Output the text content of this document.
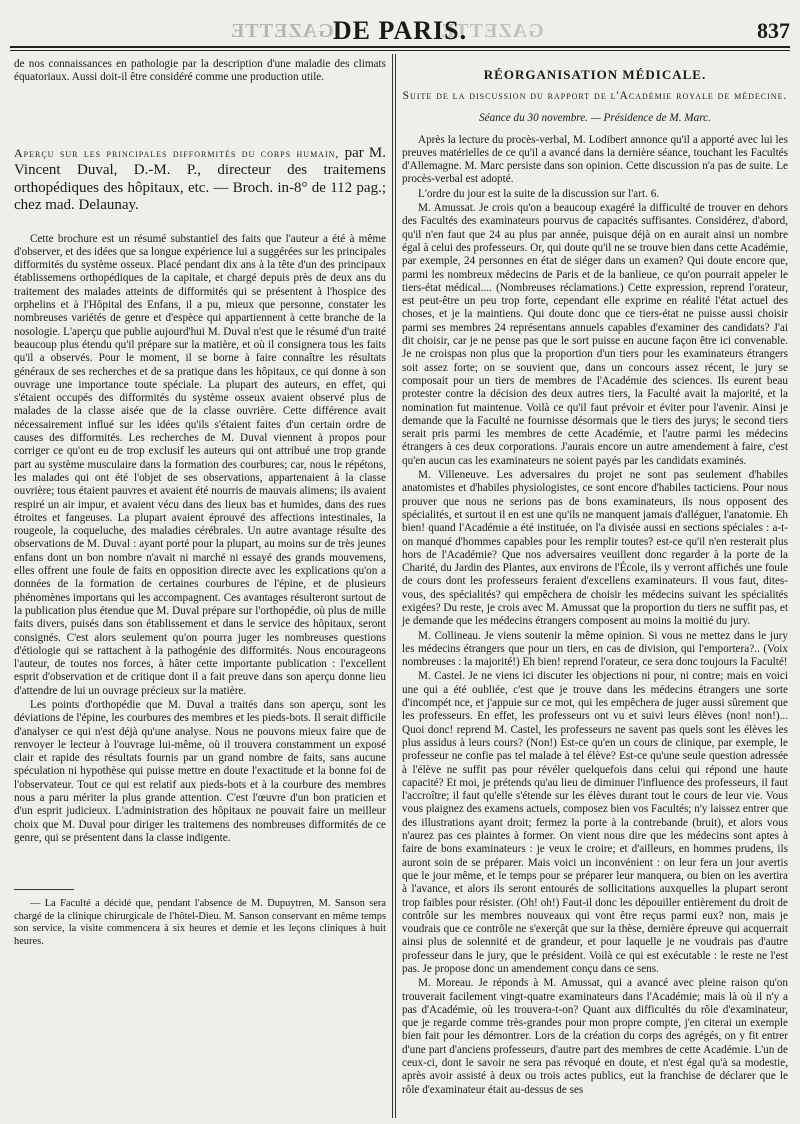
GAZETTE	GAZETTE
DE PARIS.	837

de nos connaissances en pathologie par la description d'une maladie des climats équatoriaux. Aussi doit-il être considéré comme une production utile.

Aperçu sur les principales difformités du corps humain, par M. Vincent Duval, D.-M. P., directeur des traitemens orthopédiques des hôpitaux, etc. — Broch. in-8° de 112 pag.; chez mad. Delaunay.

Cette brochure est un résumé substantiel des faits que l'auteur a été à même d'observer, et des idées que sa longue expérience lui a suggérées sur les principales difformités du système osseux. Placé pendant dix ans à la tête d'un des principaux établissemens orthopédiques de la capitale, et chargé depuis près de deux ans du traitement des malades atteints de difformités qui se présentent à l'hospice des orphelins et à l'Hôpital des Enfans, il a pu, mieux que personne, constater les nombreuses variétés de genre et d'espèce qui appartiennent à cette branche de la nosologie. L'aperçu que publie aujourd'hui M. Duval n'est que le résumé d'un traité beaucoup plus étendu qu'il prépare sur la matière, et où il consignera tous les faits qu'il a observés. Pour le moment, il se borne à faire connaître les résultats généraux de ses recherches et de sa pratique dans les hôpitaux, ce qui donne à son ouvrage une importance toute spéciale. La plupart des auteurs, en effet, qui s'étaient occupés des difformités du système osseux avaient observé plus de malades de la classe aisée que de la classe ouvrière. Cette différence avait nécessairement influé sur les idées qu'ils s'étaient faites d'un certain ordre de causes des difformités. Les recherches de M. Duval viennent à propos pour corriger ce qu'ont eu de trop exclusif les auteurs qui ont attribué une trop grande part au système musculaire dans la formation des courbures; car, nous le répétons, les malades qui ont été l'objet de ses observations, appartenaient à la classe ouvrière; tous étaient pauvres et avaient été nourris de mauvais alimens; ils avaient respiré un air impur, et avaient vécu dans des lieux bas et humides, dans des rues étroites et fangeuses. La plupart avaient éprouvé des affections intestinales, la rougeole, la coqueluche, des maladies cérébrales. Un autre avantage résulte des observations de M. Duval : ayant porté pour la plupart, au moins sur de très jeunes enfans dont un bon nombre n'avait ni marché ni essayé des grands mouvemens, elles offrent une foule de faits en opposition directe avec les explications qu'on a données de la formation de certaines courbures de l'épine, et de plusieurs phénomènes importans qui les accompagnent. Ces avantages résulteront surtout de la publication plus étendue que M. Duval prépare sur l'orthopédie, où plus de mille faits divers, puisés dans son établissement et dans le service des hôpitaux, seront consignés. C'est alors seulement qu'on pourra juger les nombreuses questions d'étiologie qui se rattachent à la pathogénie des difformités. Nous encourageons l'auteur, de toutes nos forces, à hâter cette importante publication : l'excellent esprit d'observation et de critique dont il a fait preuve dans son aperçu donne lieu d'attendre de lui un ouvrage précieux sur la matière.

Les points d'orthopédie que M. Duval a traités dans son aperçu, sont les déviations de l'épine, les courbures des membres et les pieds-bots. Il serait difficile d'analyser ce qui n'est déjà qu'une analyse. Nous ne pouvons mieux faire que de renvoyer le lecteur à l'ouvrage lui-même, où il trouvera constamment un exposé clair et rapide des résultats fournis par un grand nombre de faits, sans aucune spéculation ni hypothèse qui puisse mettre en doute l'exactitude et la bonne foi de l'observateur. Tout ce qui est relatif aux pieds-bots et à la courbure des membres nous a paru mériter la plus grande attention. C'est l'œuvre d'un bon praticien et d'un esprit judicieux. L'administration des hôpitaux ne pouvait faire un meilleur choix que M. Duval pour diriger les traitemens des nombreuses difformités de ce genre, qui se présentent dans la classe indigente.

— La Faculté a décidé que, pendant l'absence de M. Dupuytren, M. Sanson sera chargé de la clinique chirurgicale de l'hôtel-Dieu. M. Sanson conservant en même temps son service, la visite commencera à six heures et demie et les leçons cliniques à huit heures.

RÉORGANISATION MÉDICALE.
Suite de la discussion du rapport de l'Académie royale de médecine.
Séance du 30 novembre. — Présidence de M. Marc.

Après la lecture du procès-verbal, M. Lodibert annonce qu'il a apporté avec lui les preuves matérielles de ce qu'il a avancé dans la dernière séance, touchant les Facultés d'Allemagne. M. Marc persiste dans son opinion. Cette discussion n'a pas de suite. Le procès-verbal est adopté.

L'ordre du jour est la suite de la discussion sur l'art. 6.

M. Amussat. Je crois qu'on a beaucoup exagéré la difficulté de trouver en dehors des Facultés des examinateurs pourvus de capacités suffisantes. Considérez, d'abord, qu'il n'en faut que 24 au plus par année, puisque déjà on en aurait ainsi un nombre égal à celui des professeurs. Or, qui doute qu'il ne se trouve bien dans cette Académie, par exemple, 24 personnes en état de siéger dans un examen? Qui doute encore que, parmi les nombreux médecins de Paris et de la banlieue, ce qu'on pourrait appeler le tiers-état médical.... (Nombreuses réclamations.) Cette expression, reprend l'orateur, est peut-être un peu trop forte, cependant elle exprime en réalité l'état actuel des choses, et je la maintiens. Qui doute donc que ce tiers-état ne puisse aussi choisir parmi ses membres 24 représentans annuels capables d'examiner des candidats? J'ai dit choisir, car je ne pense pas que le sort puisse en aucune façon être ici convenable. Je ne croispas non plus que la proportion d'un tiers pour les examinateurs étrangers soit assez forte; on se souvient que, dans un concours assez récent, le jury se composait pour un tiers de membres de l'Académie des sciences. Ils eurent beau protester contre la décision des deux autres tiers, la Faculté avait la majorité, et la nomination fut maintenue. Voilà ce qu'il faut prévoir et éviter pour l'avenir. Ainsi je demande que la Faculté ne fournisse désormais que le tiers des jurys; le second tiers serait pris parmi les membres de cette Académie, et l'autre parmi les médecins étrangers à ces deux corporations. J'aurais encore un autre amendement à faire, c'est qu'en aucun cas les examinateurs ne soient payés par les candidats examinés.

M. Villeneuve. Les adversaires du projet ne sont pas seulement d'habiles anatomistes et d'habiles physiologistes, ce sont encore d'habiles tacticiens. Pour nous prouver que nous ne serions pas de bons examinateurs, ils nous opposent des spécialités, et surtout il en est une qu'ils ne manquent jamais d'alléguer, l'anatomie. Eh bien! quand l'Académie a été instituée, on l'a divisée aussi en sections spéciales : a-t-on manqué d'hommes capables pour les remplir toutes? est-ce qu'il n'en resterait plus hors de l'Académie? Que nos adversaires veuillent donc regarder à la porte de la Charité, du Jardin des Plantes, aux environs de l'École, ils y verront affichés une foule de cours dont les professeurs feraient d'excellens examinateurs. Il vous faut, dites-vous, des spécialités? qui empêchera de choisir les médecins suivant les spécialités exigées? Du reste, je crois avec M. Amussat que la proportion du tiers ne suffit pas, et je demande que les médecins étrangers composent au moins la moitié du jury.

M. Collineau. Je viens soutenir la même opinion. Si vous ne mettez dans le jury les médecins étrangers que pour un tiers, en cas de division, qui l'emportera?.. (Voix nombreuses : la majorité!) Eh bien! reprend l'orateur, ce sera donc toujours la Faculté!

M. Castel. Je ne viens ici discuter les objections ni pour, ni contre; mais en voici une qui a été oubliée, c'est que je trouve dans les médecins étrangers une sorte d'incompét nce, et j'appuie sur ce mot, qui les empêchera de juger aussi sûrement que les professeurs. En effet, les professeurs ont vu et suivi leurs élèves (non! non!)... Quoi donc! reprend M. Castel, les professeurs ne savent pas quels sont les élèves les plus assidus à leurs cours? (Non!) Est-ce qu'en un cours de clinique, par exemple, le professeur ne confie pas tel malade à tel élève? Est-ce qu'une seule question adressée à l'élève ne suffit pas pour révéler quelquefois dans celui qui répond une haute capacité? Et moi, je prétends qu'au lieu de diminuer l'influence des professeurs, il faut l'accroître; il faut qu'elle s'étende sur les élèves durant tout le cours de leur vie. Vous vous plaignez des examens actuels, composez bien vos Facultés; n'y laissez entrer que des illustrations ayant droit; fermez la porte à la contrebande (bruit), et alors vous n'aurez pas ces plaintes à former. On vient nous dire que les médecins sont aptes à faire de bons examinateurs : je veux le croire; et d'ailleurs, en hommes prudens, ils auront soin de se préparer. Mais voici un inconvénient : on leur fera un jour avertis que le jour même, et le temps pour se préparer leur manquera, ou bien on les avertira à l'avance, et alors ils seront entourés de sollicitations auxquelles la plupart seront trop faibles pour résister. (Oh! oh!) Faut-il donc les dépouiller entièrement du droit de contrôle sur les membres nouveaux qui vont être reçus parmi eux? non, mais je voudrais que ce contrôle ne s'exerçât que sur la thèse, dernière épreuve qui acquerrait ainsi plus de solennité et de grandeur, et pour laquelle je ne voudrais pas d'autre professeur dans le jury, que le président. Voilà ce qui est exécutable : le reste ne l'est pas. Je propose donc un amendement conçu dans ce sens.

M. Moreau. Je réponds à M. Amussat, qui a avancé avec pleine raison qu'on trouverait facilement vingt-quatre examinateurs dans l'Académie; mais là où il n'y a pas d'Académie, où les trouvera-t-on? Quant aux difficultés du rôle d'examinateur, que je regarde comme très-grandes pour mon propre compte, j'en citerai un exemple bien fait pour les démontrer. Lors de la création du corps des agrégés, on y fit entrer d'une part d'anciens professeurs, d'autre part des membres de cette Académie. L'un de ceux-ci, dont le savoir ne sera pas révoqué en doute, et n'est égal qu'à sa modestie, après avoir assisté à deux ou trois actes publics, eut la franchise de déclarer que le rôle d'examinateur était au-dessus de ses
